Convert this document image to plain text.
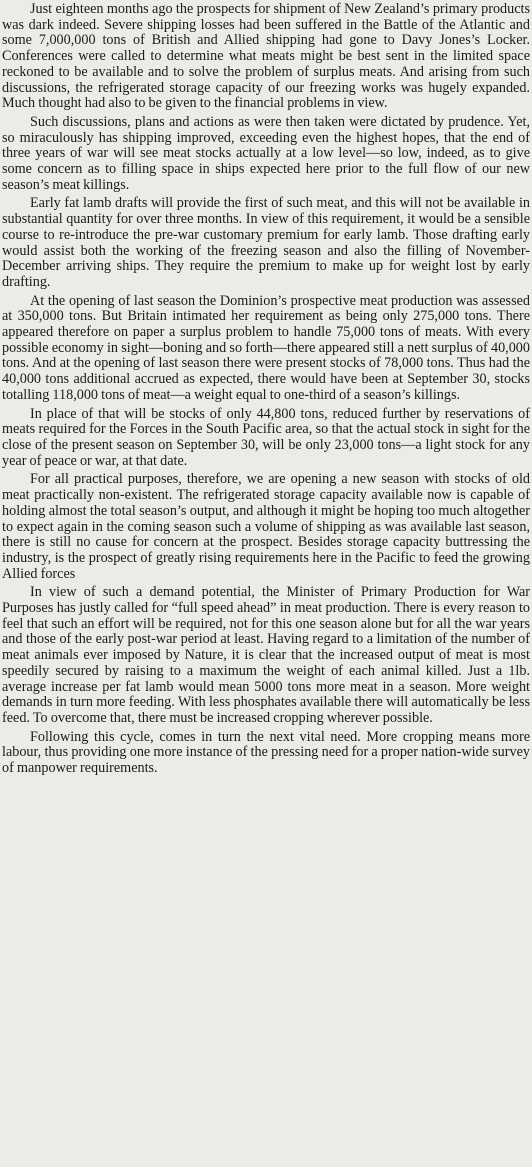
Just eighteen months ago the prospects for shipment of New Zealand’s primary products was dark indeed. Severe shipping losses had been suffered in the Battle of the Atlantic and some 7,000,000 tons of British and Allied shipping had gone to Davy Jones’s Locker. Conferences were called to determine what meats might be best sent in the limited space reckoned to be available and to solve the problem of surplus meats. And arising from such discussions, the refrigerated storage capacity of our freezing works was hugely expanded. Much thought had also to be given to the financial problems in view.

Such discussions, plans and actions as were then taken were dictated by prudence. Yet, so miraculously has shipping improved, exceeding even the highest hopes, that the end of three years of war will see meat stocks actually at a low level—so low, indeed, as to give some concern as to filling space in ships expected here prior to the full flow of our new season’s meat killings.

Early fat lamb drafts will provide the first of such meat, and this will not be available in substantial quantity for over three months. In view of this requirement, it would be a sensible course to re-introduce the pre-war customary premium for early lamb. Those drafting early would assist both the working of the freezing season and also the filling of November-December arriving ships. They require the premium to make up for weight lost by early drafting.

At the opening of last season the Dominion’s prospective meat production was assessed at 350,000 tons. But Britain intimated her requirement as being only 275,000 tons. There appeared therefore on paper a surplus problem to handle 75,000 tons of meats. With every possible economy in sight—boning and so forth—there appeared still a nett surplus of 40,000 tons. And at the opening of last season there were present stocks of 78,000 tons. Thus had the 40,000 tons additional accrued as expected, there would have been at September 30, stocks totalling 118,000 tons of meat—a weight equal to one-third of a season’s killings.

In place of that will be stocks of only 44,800 tons, reduced further by reservations of meats required for the Forces in the South Pacific area, so that the actual stock in sight for the close of the present season on September 30, will be only 23,000 tons—a light stock for any year of peace or war, at that date.

For all practical purposes, therefore, we are opening a new season with stocks of old meat practically non-existent. The refrigerated storage capacity available now is capable of holding almost the total season’s output, and although it might be hoping too much altogether to expect again in the coming season such a volume of shipping as was available last season, there is still no cause for concern at the prospect. Besides storage capacity buttressing the industry, is the prospect of greatly rising requirements here in the Pacific to feed the growing Allied forces

In view of such a demand potential, the Minister of Primary Production for War Purposes has justly called for “full speed ahead” in meat production. There is every reason to feel that such an effort will be required, not for this one season alone but for all the war years and those of the early post-war period at least. Having regard to a limitation of the number of meat animals ever imposed by Nature, it is clear that the increased output of meat is most speedily secured by raising to a maximum the weight of each animal killed. Just a 1lb. average increase per fat lamb would mean 5000 tons more meat in a season. More weight demands in turn more feeding. With less phosphates available there will automatically be less feed. To overcome that, there must be increased cropping wherever possible.

Following this cycle, comes in turn the next vital need. More cropping means more labour, thus providing one more instance of the pressing need for a proper nation-wide survey of manpower requirements.
